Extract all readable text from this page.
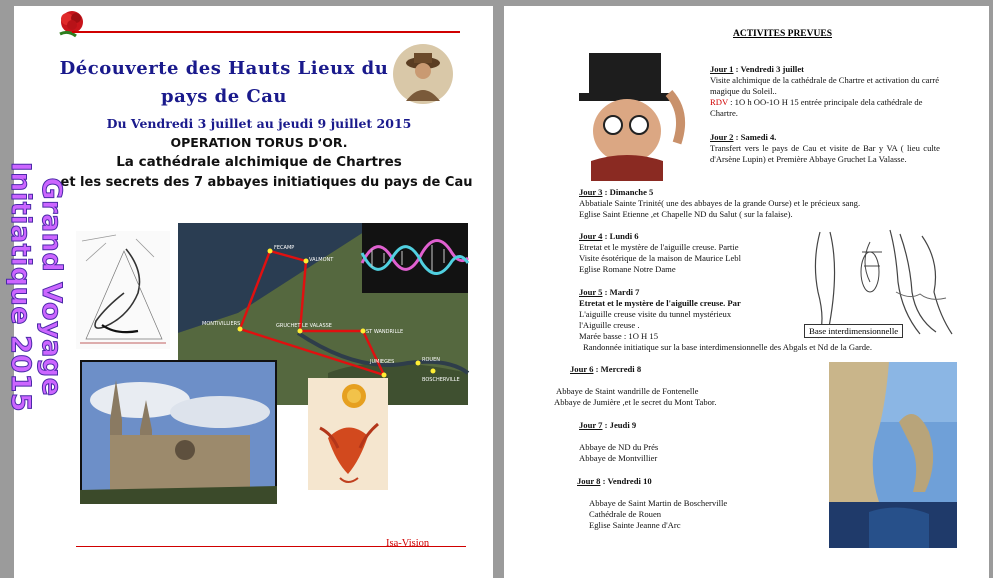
Découverte des Hauts Lieux du
pays de Cau
Du Vendredi 3 juillet au jeudi 9 juillet 2015
OPERATION TORUS D'OR.
La cathédrale alchimique de Chartres
et les secrets des 7 abbayes initiatiques du pays de Cau
Grand Voyage Initiatique 2015	FECAMP
VALMONT
MONTIVILLIERS	GRUCHET LE VALASSE
ST WANDRILLE
JUMIEGES	ROUEN
BOSCHERVILLE
Isa-Vision
ACTIVITES PREVUES
Base interdimensionnelle
Jour 1 : Vendredi 3 juillet
Visite alchimique de la cathédrale de Chartre et activation du carré magique du Soleil..
RDV : 1O h OO-1O H 15 entrée principale dela cathédrale de Chartre.
Jour 2 : Samedi 4.
Transfert vers le pays de Cau et visite de Bar y VA ( lieu culte d'Arsène Lupin) et Première Abbaye Gruchet La Valasse.
Jour 3 : Dimanche 5
Abbatiale Sainte Trinité( une des abbayes de la grande Ourse) et le précieux sang.
Eglise Saint Etienne ,et Chapelle ND du Salut ( sur la falaise).
Jour 4 : Lundi 6
Etretat et le mystère de l'aiguille creuse. Partie
Visite ésotérique de la maison de Maurice Lebl
Eglise Romane Notre Dame
Jour 5 : Mardi 7
Etretat et le mystère de l'aiguille creuse. Par
L'aiguille creuse visite du tunnel mystérieux
l'Aiguille creuse .
Marée basse : 1O H 15
Randonnée initiatique sur la base interdimensionnelle des Abgals et Nd de la Garde.
Jour 6 : Mercredi 8

Abbaye de Staint wandrille de Fontenelle
Abbaye de Jumière ,et le secret du Mont Tabor.
Jour 7 : Jeudi 9

Abbaye de ND du Prés
Abbaye de Montvillier
Jour 8 : Vendredi 10

Abbaye de Saint Martin de Boscherville
Cathédrale de Rouen
Eglise Sainte Jeanne d'Arc
